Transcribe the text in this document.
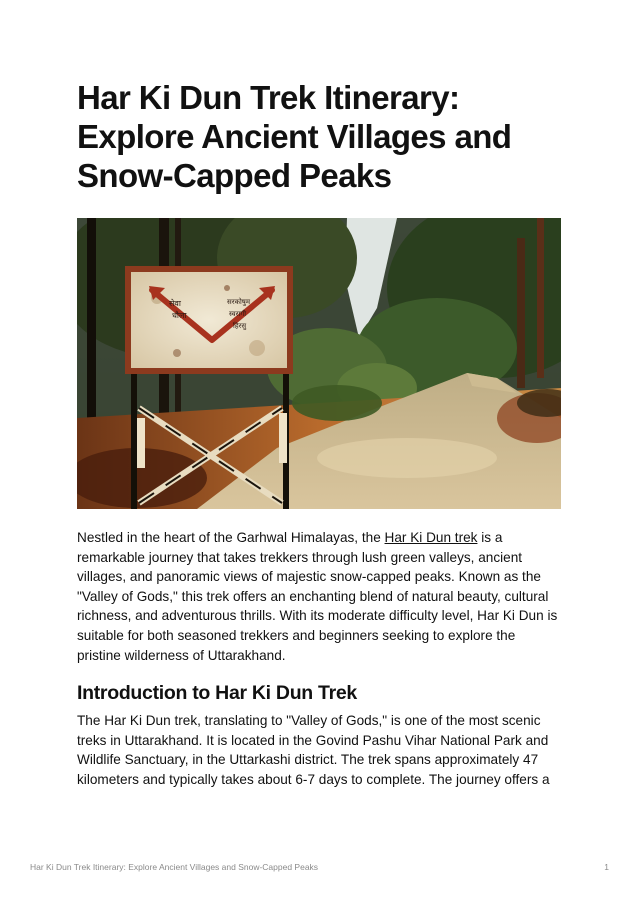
Har Ki Dun Trek Itinerary: Explore Ancient Villages and Snow-Capped Peaks
सेवा
धौला
सरकोषुम
स्वरागी
हिरसु

Nestled in the heart of the Garhwal Himalayas, the Har Ki Dun trek is a remarkable journey that takes trekkers through lush green valleys, ancient villages, and panoramic views of majestic snow-capped peaks. Known as the "Valley of Gods," this trek offers an enchanting blend of natural beauty, cultural richness, and adventurous thrills. With its moderate difficulty level, Har Ki Dun is suitable for both seasoned trekkers and beginners seeking to explore the pristine wilderness of Uttarakhand.

Introduction to Har Ki Dun Trek

The Har Ki Dun trek, translating to "Valley of Gods," is one of the most scenic treks in Uttarakhand. It is located in the Govind Pashu Vihar National Park and Wildlife Sanctuary, in the Uttarkashi district. The trek spans approximately 47 kilometers and typically takes about 6-7 days to complete. The journey offers a

Har Ki Dun Trek Itinerary: Explore Ancient Villages and Snow-Capped Peaks	1
